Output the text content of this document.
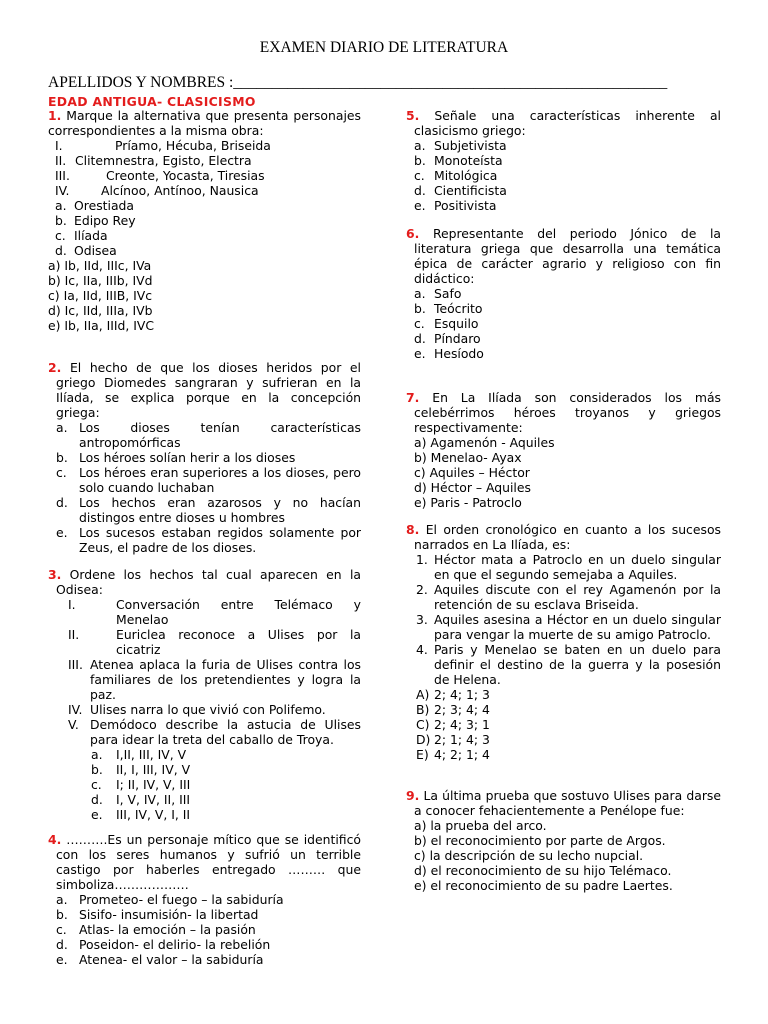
EXAMEN DIARIO DE LITERATURA
APELLIDOS Y NOMBRES :________________________________________________________
EDAD ANTIGUA- CLASICISMO
1. Marque la alternativa que presenta personajes correspondientes a la misma obra:
I.	Príamo, Hécuba, Briseida
II. Clitemnestra, Egisto, Electra
III.	Creonte, Yocasta, Tiresias
IV.	Alcínoo, Antínoo, Nausica
a. Orestiada
b. Edipo Rey
c. Ilíada
d. Odisea
a) Ib, IId, IIIc, IVa
b) Ic, IIa, IIIb, IVd
c) Ia, IId, IIIB, IVc
d) Ic, IId, IIIa, IVb
e) Ib, IIa, IIId, IVC
2. El hecho de que los dioses heridos por el griego Diomedes sangraran y sufrieran en la Ilíada, se explica porque en la concepción griega:
a. Los dioses tenían características antropomórficas
b. Los héroes solían herir a los dioses
c. Los héroes eran superiores a los dioses, pero solo cuando luchaban
d. Los hechos eran azarosos y no hacían distingos entre dioses u hombres
e. Los sucesos estaban regidos solamente por Zeus, el padre de los dioses.
3. Ordene los hechos tal cual aparecen en la Odisea:
I.	Conversación entre Telémaco y Menelao
II.	Euriclea reconoce a Ulises por la cicatriz
III. Atenea aplaca la furia de Ulises contra los familiares de los pretendientes y logra la paz.
IV. Ulises narra lo que vivió con Polifemo.
V. Demódoco describe la astucia de Ulises para idear la treta del caballo de Troya.
a.	I,II, III, IV, V
b.	II, I, III, IV, V
c.	I; II, IV, V, III
d.	I, V, IV, II, III
e.	III, IV, V, I, II
4. ……….Es un personaje mítico que se identificó con los seres humanos y sufrió un terrible castigo por haberles entregado ……… que simboliza………………
a. Prometeo- el fuego – la sabiduría
b. Sisifo- insumisión- la libertad
c. Atlas- la emoción – la pasión
d. Poseidon- el delirio- la rebelión
e. Atenea- el valor – la sabiduría
5. Señale una características inherente al clasicismo griego:
a. Subjetivista
b. Monoteísta
c. Mitológica
d. Cientificista
e. Positivista
6. Representante del periodo Jónico de la literatura griega que desarrolla una temática épica de carácter agrario y religioso con fin didáctico:
a. Safo
b. Teócrito
c. Esquilo
d. Píndaro
e. Hesíodo
7. En La Ilíada son considerados los más celebérrimos héroes troyanos y griegos respectivamente:
a) Agamenón - Aquiles
b) Menelao- Ayax
c) Aquiles – Héctor
d) Héctor – Aquiles
e) Paris - Patroclo
8. El orden cronológico en cuanto a los sucesos narrados en La Ilíada, es:
1. Héctor mata a Patroclo en un duelo singular en que el segundo semejaba a Aquiles.
2. Aquiles discute con el rey Agamenón por la retención de su esclava Briseida.
3. Aquiles asesina a Héctor en un duelo singular para vengar la muerte de su amigo Patroclo.
4. Paris y Menelao se baten en un duelo para definir el destino de la guerra y la posesión de Helena.
A) 2; 4; 1; 3
B) 2; 3; 4; 4
C) 2; 4; 3; 1
D) 2; 1; 4; 3
E) 4; 2; 1; 4
9. La última prueba que sostuvo Ulises para darse a conocer fehacientemente a Penélope fue:
a) la prueba del arco.
b) el reconocimiento por parte de Argos.
c) la descripción de su lecho nupcial.
d) el reconocimiento de su hijo Telémaco.
e) el reconocimiento de su padre Laertes.
